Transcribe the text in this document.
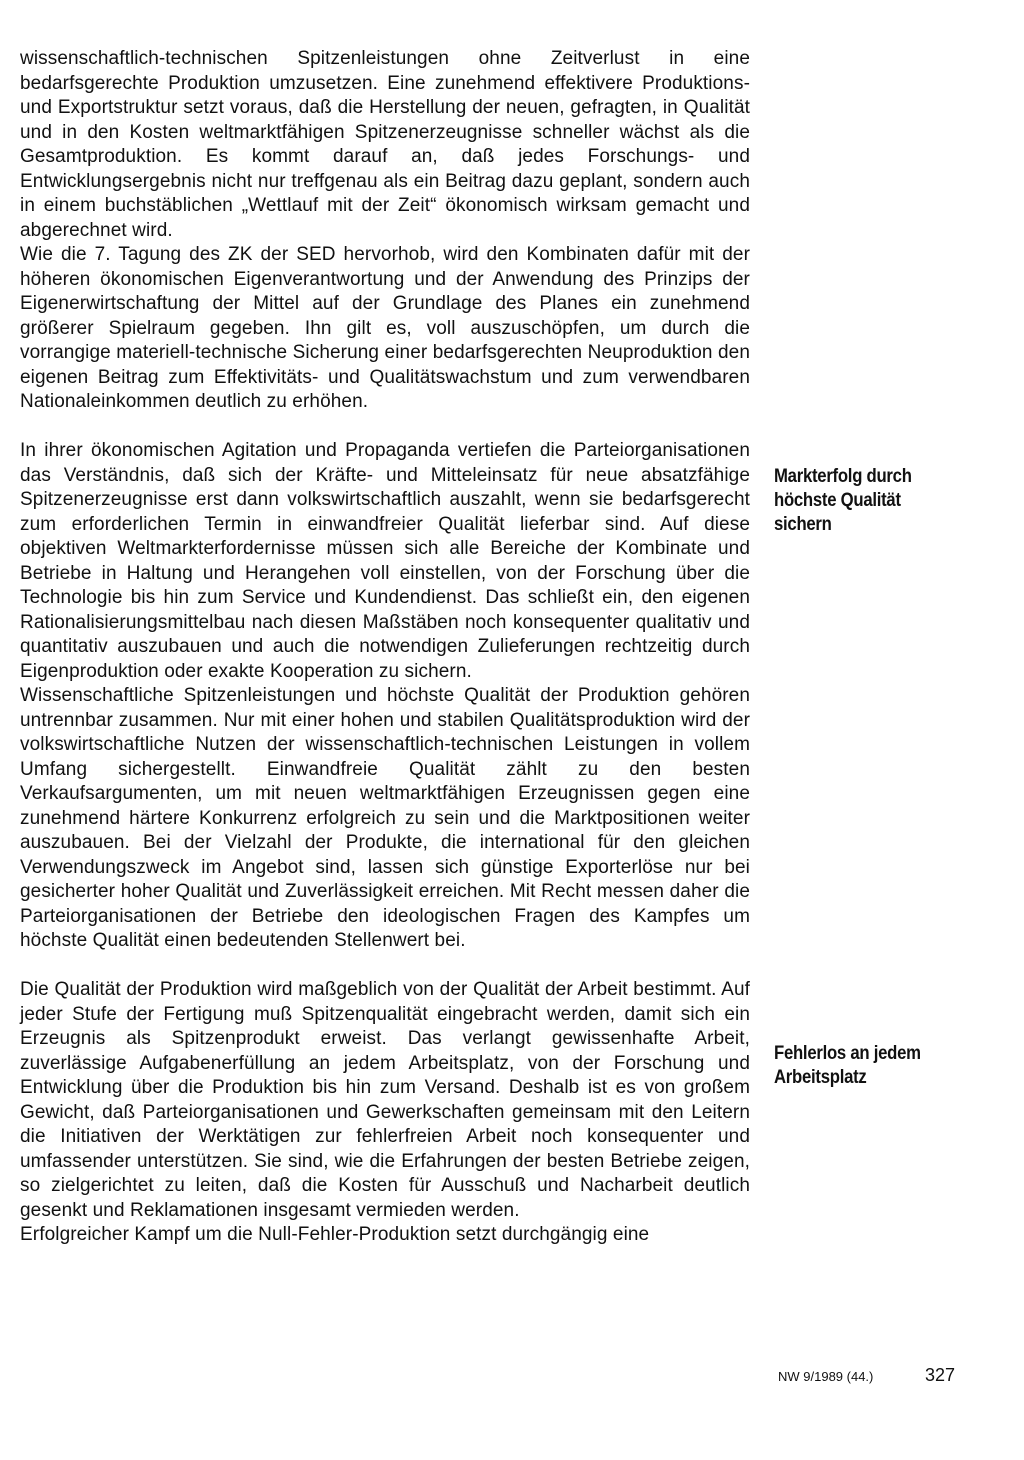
wissenschaftlich-technischen Spitzenleistungen ohne Zeitverlust in eine bedarfsgerechte Produktion umzusetzen. Eine zunehmend effektivere Produktions- und Exportstruktur setzt voraus, daß die Herstellung der neuen, gefragten, in Qualität und in den Kosten weltmarktfähigen Spitzenerzeugnisse schneller wächst als die Gesamtproduktion. Es kommt darauf an, daß jedes Forschungs- und Entwicklungsergebnis nicht nur treffgenau als ein Beitrag dazu geplant, sondern auch in einem buchstäblichen „Wettlauf mit der Zeit“ ökonomisch wirksam gemacht und abgerechnet wird.

Wie die 7. Tagung des ZK der SED hervorhob, wird den Kombinaten dafür mit der höheren ökonomischen Eigenverantwortung und der Anwendung des Prinzips der Eigenerwirtschaftung der Mittel auf der Grundlage des Planes ein zunehmend größerer Spielraum gegeben. Ihn gilt es, voll auszuschöpfen, um durch die vorrangige materiell-technische Sicherung einer bedarfsgerechten Neuproduktion den eigenen Beitrag zum Effektivitäts- und Qualitätswachstum und zum verwendbaren Nationaleinkommen deutlich zu erhöhen.

In ihrer ökonomischen Agitation und Propaganda vertiefen die Parteiorganisationen das Verständnis, daß sich der Kräfte- und Mitteleinsatz für neue absatzfähige Spitzenerzeugnisse erst dann volkswirtschaftlich auszahlt, wenn sie bedarfsgerecht zum erforderlichen Termin in einwandfreier Qualität lieferbar sind. Auf diese objektiven Weltmarkterfordernisse müssen sich alle Bereiche der Kombinate und Betriebe in Haltung und Herangehen voll einstellen, von der Forschung über die Technologie bis hin zum Service und Kundendienst. Das schließt ein, den eigenen Rationalisierungsmittelbau nach diesen Maßstäben noch konsequenter qualitativ und quantitativ auszubauen und auch die notwendigen Zulieferungen rechtzeitig durch Eigenproduktion oder exakte Kooperation zu sichern.

Wissenschaftliche Spitzenleistungen und höchste Qualität der Produktion gehören untrennbar zusammen. Nur mit einer hohen und stabilen Qualitätsproduktion wird der volkswirtschaftliche Nutzen der wissenschaftlich-technischen Leistungen in vollem Umfang sichergestellt. Einwandfreie Qualität zählt zu den besten Verkaufsargumenten, um mit neuen weltmarktfähigen Erzeugnissen gegen eine zunehmend härtere Konkurrenz erfolgreich zu sein und die Marktpositionen weiter auszubauen. Bei der Vielzahl der Produkte, die international für den gleichen Verwendungszweck im Angebot sind, lassen sich günstige Exporterlöse nur bei gesicherter hoher Qualität und Zuverlässigkeit erreichen. Mit Recht messen daher die Parteiorganisationen der Betriebe den ideologischen Fragen des Kampfes um höchste Qualität einen bedeutenden Stellenwert bei.

Die Qualität der Produktion wird maßgeblich von der Qualität der Arbeit bestimmt. Auf jeder Stufe der Fertigung muß Spitzenqualität eingebracht werden, damit sich ein Erzeugnis als Spitzenprodukt erweist. Das verlangt gewissenhafte Arbeit, zuverlässige Aufgabenerfüllung an jedem Arbeitsplatz, von der Forschung und Entwicklung über die Produktion bis hin zum Versand. Deshalb ist es von großem Gewicht, daß Parteiorganisationen und Gewerkschaften gemeinsam mit den Leitern die Initiativen der Werktätigen zur fehlerfreien Arbeit noch konsequenter und umfassender unterstützen. Sie sind, wie die Erfahrungen der besten Betriebe zeigen, so zielgerichtet zu leiten, daß die Kosten für Ausschuß und Nacharbeit deutlich gesenkt und Reklamationen insgesamt vermieden werden.

Erfolgreicher Kampf um die Null-Fehler-Produktion setzt durchgängig eine

Markterfolg durch höchste Qualität sichern
Fehlerlos an jedem Arbeitsplatz
NW 9/1989 (44.)	327
